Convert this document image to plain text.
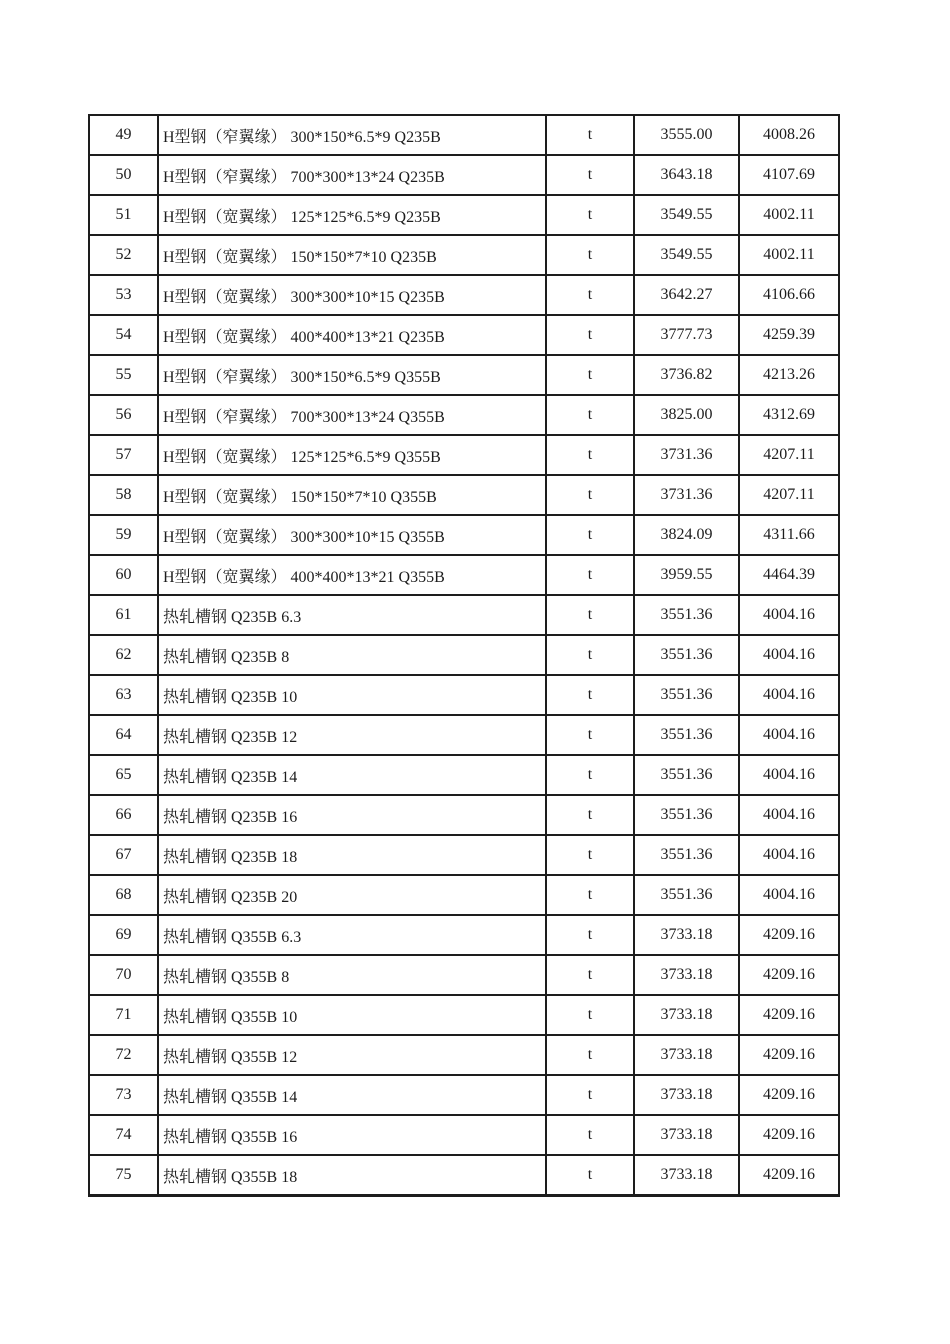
49	H型钢（窄翼缘） 300*150*6.5*9 Q235B	t	3555.00	4008.26
50	H型钢（窄翼缘） 700*300*13*24 Q235B	t	3643.18	4107.69
51	H型钢（宽翼缘） 125*125*6.5*9 Q235B	t	3549.55	4002.11
52	H型钢（宽翼缘） 150*150*7*10 Q235B	t	3549.55	4002.11
53	H型钢（宽翼缘） 300*300*10*15 Q235B	t	3642.27	4106.66
54	H型钢（宽翼缘） 400*400*13*21 Q235B	t	3777.73	4259.39
55	H型钢（窄翼缘） 300*150*6.5*9 Q355B	t	3736.82	4213.26
56	H型钢（窄翼缘） 700*300*13*24 Q355B	t	3825.00	4312.69
57	H型钢（宽翼缘） 125*125*6.5*9 Q355B	t	3731.36	4207.11
58	H型钢（宽翼缘） 150*150*7*10 Q355B	t	3731.36	4207.11
59	H型钢（宽翼缘） 300*300*10*15 Q355B	t	3824.09	4311.66
60	H型钢（宽翼缘） 400*400*13*21 Q355B	t	3959.55	4464.39
61	热轧槽钢 Q235B 6.3	t	3551.36	4004.16
62	热轧槽钢 Q235B 8	t	3551.36	4004.16
63	热轧槽钢 Q235B 10	t	3551.36	4004.16
64	热轧槽钢 Q235B 12	t	3551.36	4004.16
65	热轧槽钢 Q235B 14	t	3551.36	4004.16
66	热轧槽钢 Q235B 16	t	3551.36	4004.16
67	热轧槽钢 Q235B 18	t	3551.36	4004.16
68	热轧槽钢 Q235B 20	t	3551.36	4004.16
69	热轧槽钢 Q355B 6.3	t	3733.18	4209.16
70	热轧槽钢 Q355B 8	t	3733.18	4209.16
71	热轧槽钢 Q355B 10	t	3733.18	4209.16
72	热轧槽钢 Q355B 12	t	3733.18	4209.16
73	热轧槽钢 Q355B 14	t	3733.18	4209.16
74	热轧槽钢 Q355B 16	t	3733.18	4209.16
75	热轧槽钢 Q355B 18	t	3733.18	4209.16
